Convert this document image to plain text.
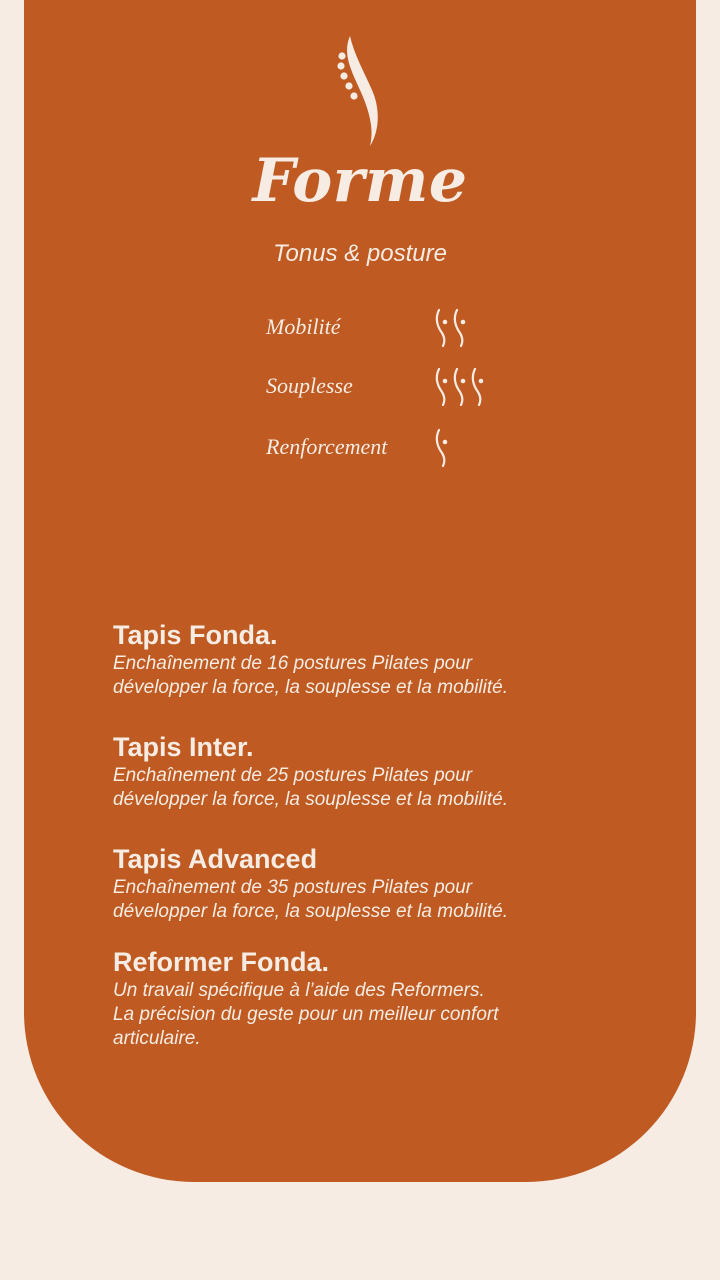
Forme
Tonus & posture
Mobilité
Souplesse
Renforcement
Tapis Fonda.
Enchaînement de 16 postures Pilates pour
développer la force, la souplesse et la mobilité.
Tapis Inter.
Enchaînement de 25 postures Pilates pour
développer la force, la souplesse et la mobilité.
Tapis Advanced
Enchaînement de 35 postures Pilates pour
développer la force, la souplesse et la mobilité.
Reformer Fonda.
Un travail spécifique à l’aide des Reformers.
La précision du geste pour un meilleur confort
articulaire.
